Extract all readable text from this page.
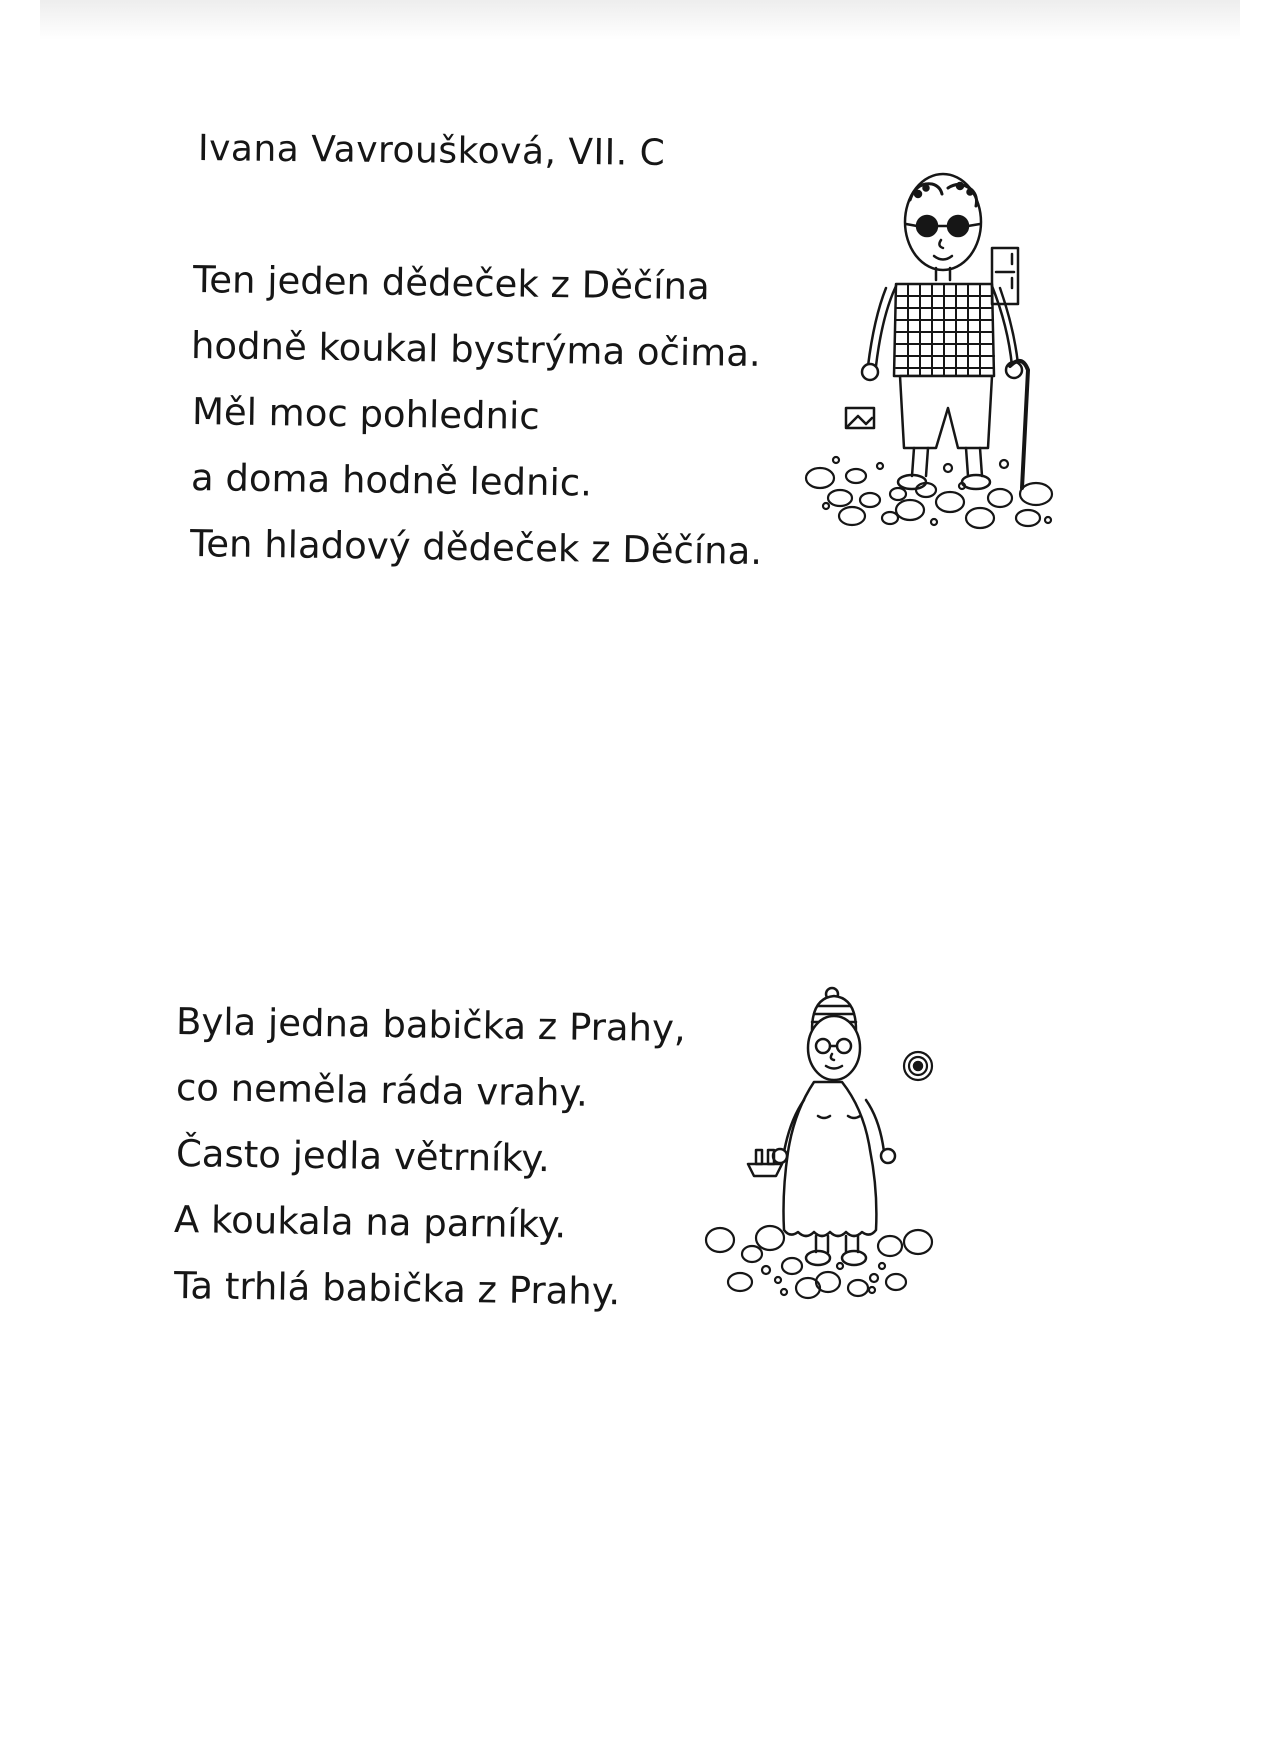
Ivana Vavroušková, VII. C
Ten jeden dědeček z Děčína
hodně koukal bystrýma očima.
Měl moc pohlednic
a doma hodně lednic.
Ten hladový dědeček z Děčína.
Byla jedna babička z Prahy,
co neměla ráda vrahy.
Často jedla větrníky.
A koukala na parníky.
Ta trhlá babička z Prahy.
